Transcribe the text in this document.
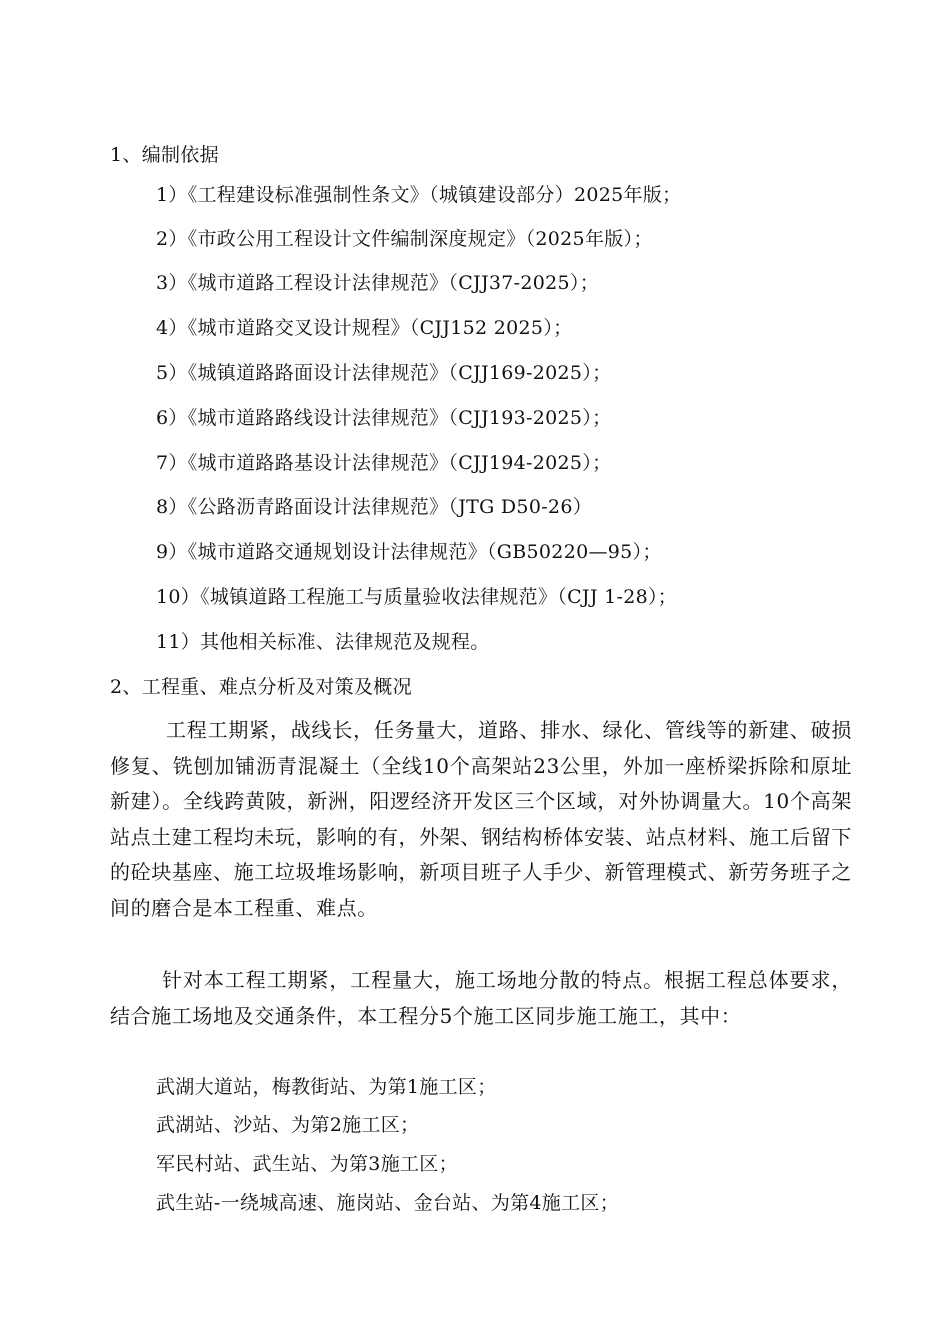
1、编制依据
1）《工程建设标准强制性条文》（城镇建设部分）2025年版；
2）《市政公用工程设计文件编制深度规定》（2025年版）；
3）《城市道路工程设计法律规范》（CJJ37-2025）；
4）《城市道路交叉设计规程》（CJJ152 2025）；
5）《城镇道路路面设计法律规范》（CJJ169-2025）；
6）《城市道路路线设计法律规范》（CJJ193-2025）；
7）《城市道路路基设计法律规范》（CJJ194-2025）；
8）《公路沥青路面设计法律规范》（JTG D50-26）
9）《城市道路交通规划设计法律规范》（GB50220—95）；
10）《城镇道路工程施工与质量验收法律规范》（CJJ 1-28）；
11）其他相关标准、法律规范及规程。
2、工程重、难点分析及对策及概况
工程工期紧，战线长，任务量大，道路、排水、绿化、管线等的新建、破损修复、铣刨加铺沥青混凝土（全线10个高架站23公里，外加一座桥梁拆除和原址新建）。全线跨黄陂，新洲，阳逻经济开发区三个区域，对外协调量大。10个高架站点土建工程均未玩，影响的有，外架、钢结构桥体安装、站点材料、施工后留下的砼块基座、施工垃圾堆场影响，新项目班子人手少、新管理模式、新劳务班子之间的磨合是本工程重、难点。
针对本工程工期紧，工程量大，施工场地分散的特点。根据工程总体要求，结合施工场地及交通条件，本工程分5个施工区同步施工施工，其中：
武湖大道站，梅教街站、为第1施工区；
武湖站、沙站、为第2施工区；
军民村站、武生站、为第3施工区；
武生站-一绕城高速、施岗站、金台站、为第4施工区；
